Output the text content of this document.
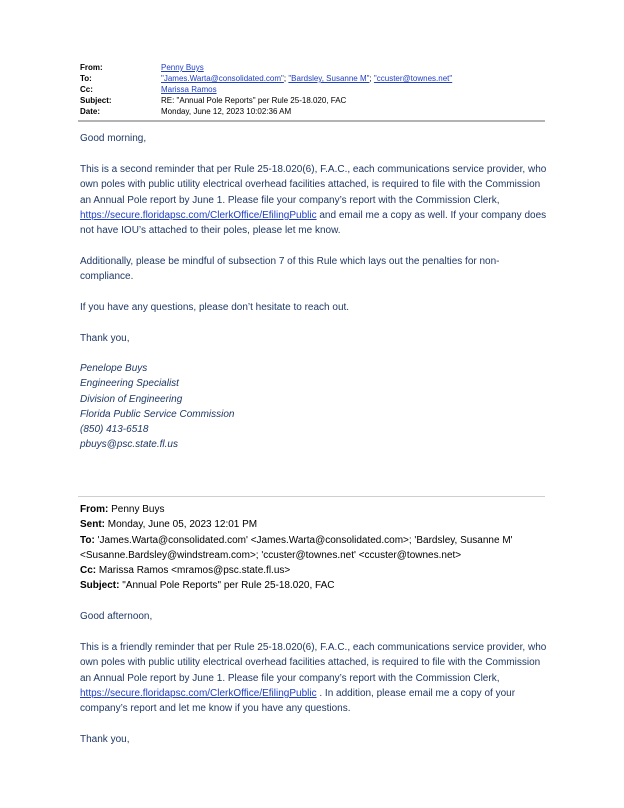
From:	Penny Buys
To:	"James.Warta@consolidated.com"; "Bardsley, Susanne M"; "ccuster@townes.net"
Cc:	Marissa Ramos
Subject:	RE: "Annual Pole Reports" per Rule 25-18.020, FAC
Date:	Monday, June 12, 2023 10:02:36 AM
Good morning,

This is a second reminder that per Rule 25-18.020(6), F.A.C., each communications service provider, who own poles with public utility electrical overhead facilities attached, is required to file with the Commission an Annual Pole report by June 1. Please file your company’s report with the Commission Clerk, https://secure.floridapsc.com/ClerkOffice/EfilingPublic and email me a copy as well. If your company does not have IOU’s attached to their poles, please let me know.

Additionally, please be mindful of subsection 7 of this Rule which lays out the penalties for non-compliance.
If you have any questions, please don’t hesitate to reach out.
Thank you,

Penelope Buys

Engineering Specialist

Division of Engineering

Florida Public Service Commission

(850) 413-6518

pbuys@psc.state.fl.us

From: Penny Buys

Sent: Monday, June 05, 2023 12:01 PM

To: 'James.Warta@consolidated.com' <James.Warta@consolidated.com>; 'Bardsley, Susanne M' <Susanne.Bardsley@windstream.com>; 'ccuster@townes.net' <ccuster@townes.net>

Cc: Marissa Ramos <mramos@psc.state.fl.us>

Subject: "Annual Pole Reports" per Rule 25-18.020, FAC

Good afternoon,

This is a friendly reminder that per Rule 25-18.020(6), F.A.C., each communications service provider, who own poles with public utility electrical overhead facilities attached, is required to file with the Commission an Annual Pole report by June 1. Please file your company’s report with the Commission Clerk, https://secure.floridapsc.com/ClerkOffice/EfilingPublic . In addition, please email me a copy of your company’s report and let me know if you have any questions.

Thank you,
